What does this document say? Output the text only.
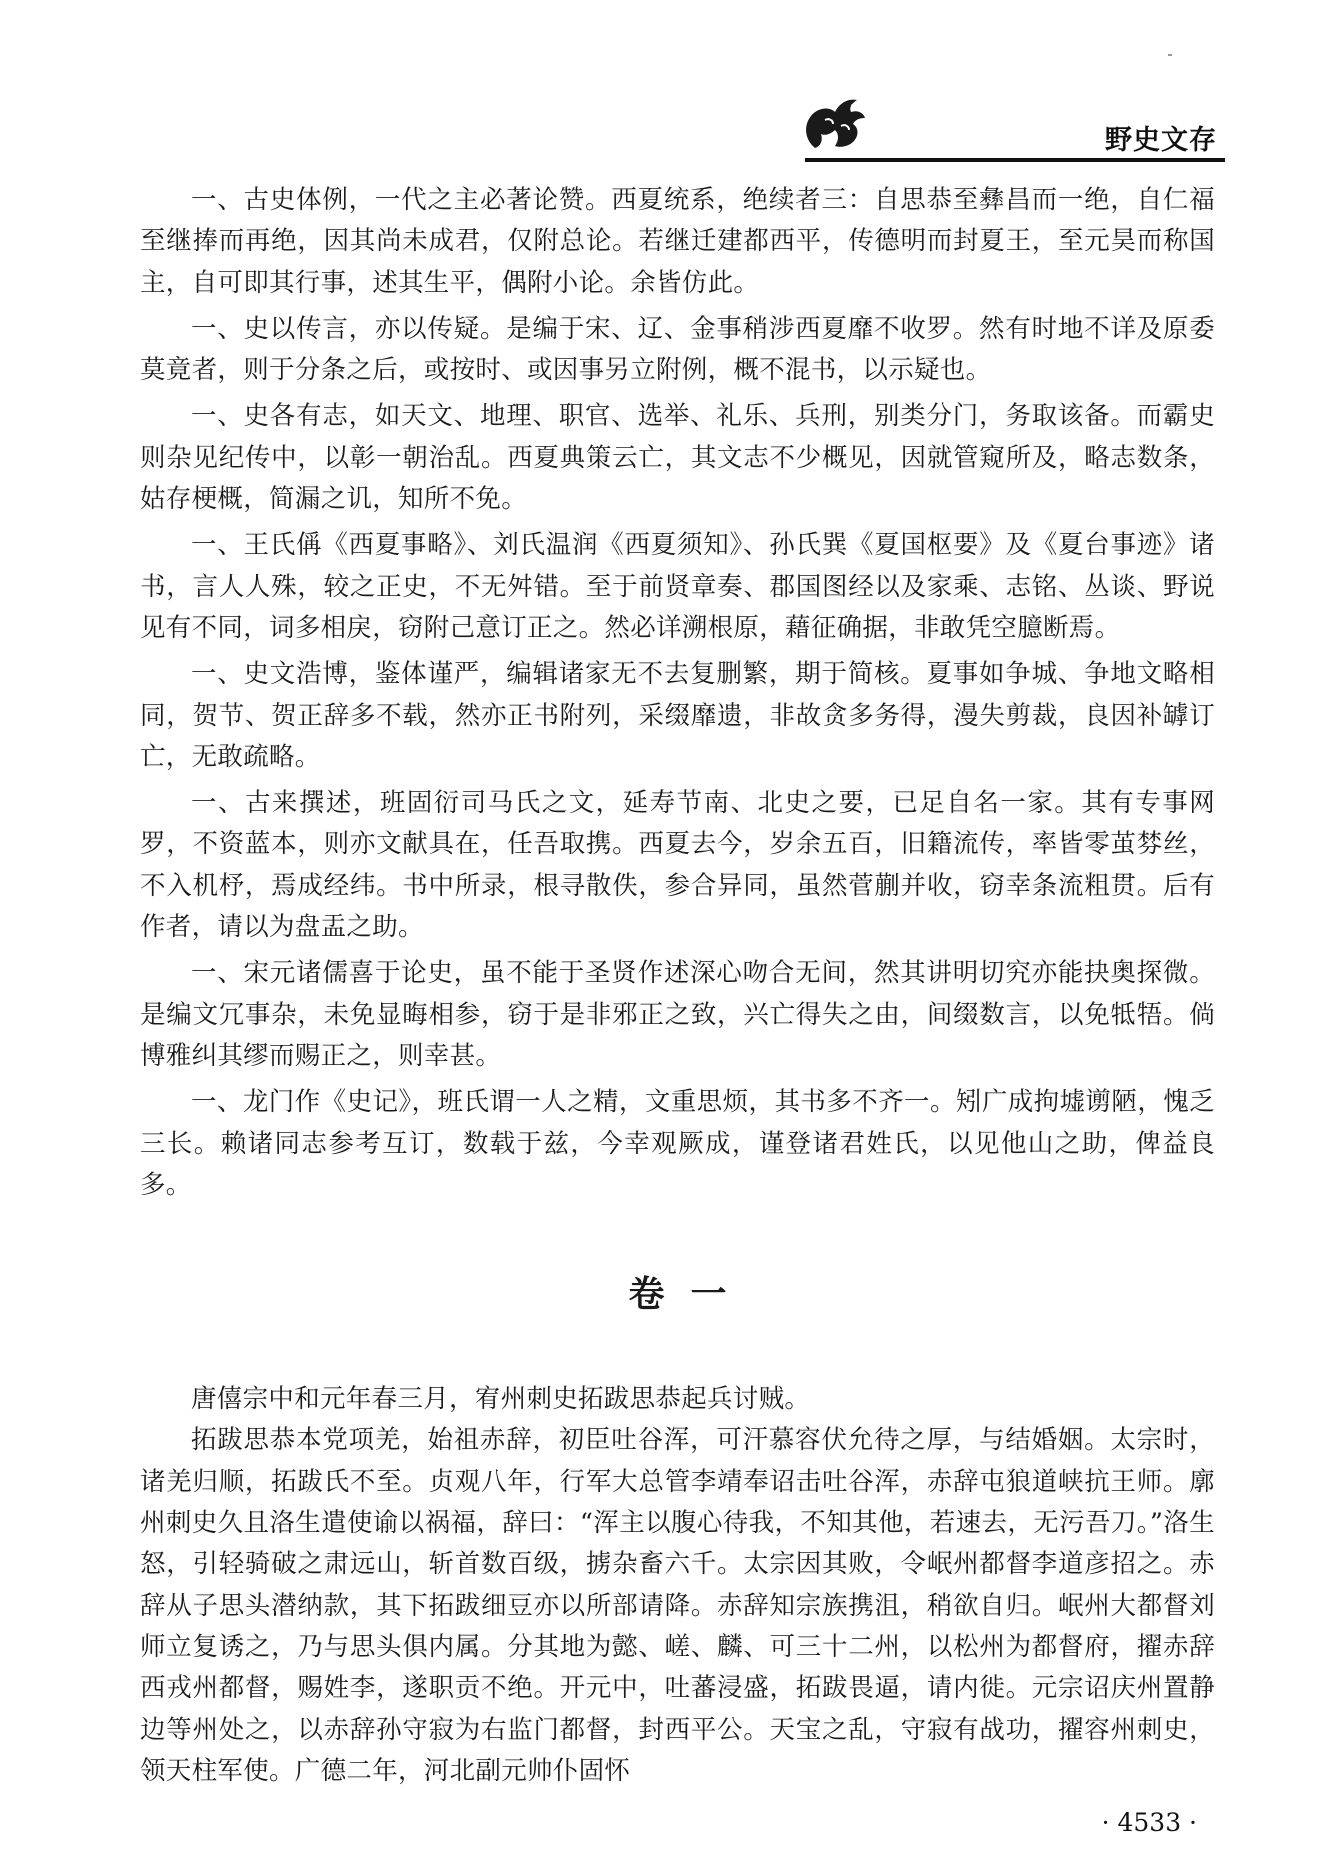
野史文存

一、古史体例，一代之主必著论赞。西夏统系，绝续者三：自思恭至彝昌而一绝，自仁福至继捧而再绝，因其尚未成君，仅附总论。若继迁建都西平，传德明而封夏王，至元昊而称国主，自可即其行事，述其生平，偶附小论。余皆仿此。

一、史以传言，亦以传疑。是编于宋、辽、金事稍涉西夏靡不收罗。然有时地不详及原委莫竟者，则于分条之后，或按时、或因事另立附例，概不混书，以示疑也。

一、史各有志，如天文、地理、职官、选举、礼乐、兵刑，别类分门，务取该备。而霸史则杂见纪传中，以彰一朝治乱。西夏典策云亡，其文志不少概见，因就管窥所及，略志数条，姑存梗概，简漏之讥，知所不免。

一、王氏偁《西夏事略》、刘氏温润《西夏须知》、孙氏巽《夏国枢要》及《夏台事迹》诸书，言人人殊，较之正史，不无舛错。至于前贤章奏、郡国图经以及家乘、志铭、丛谈、野说见有不同，词多相戾，窃附己意订正之。然必详溯根原，藉征确据，非敢凭空臆断焉。

一、史文浩博，鉴体谨严，编辑诸家无不去复删繁，期于简核。夏事如争城、争地文略相同，贺节、贺正辞多不载，然亦正书附列，采缀靡遗，非故贪多务得，漫失剪裁，良因补罅订亡，无敢疏略。

一、古来撰述，班固衍司马氏之文，延寿节南、北史之要，已足自名一家。其有专事网罗，不资蓝本，则亦文献具在，任吾取携。西夏去今，岁余五百，旧籍流传，率皆零茧棼丝，不入机杼，焉成经纬。书中所录，根寻散佚，参合异同，虽然菅蒯并收，窃幸条流粗贯。后有作者，请以为盘盂之助。

一、宋元诸儒喜于论史，虽不能于圣贤作述深心吻合无间，然其讲明切究亦能抉奥探微。是编文冗事杂，未免显晦相参，窃于是非邪正之致，兴亡得失之由，间缀数言，以免牴牾。倘博雅纠其缪而赐正之，则幸甚。

一、龙门作《史记》，班氏谓一人之精，文重思烦，其书多不齐一。矧广成拘墟谫陋，愧乏三长。赖诸同志参考互订，数载于兹，今幸观厥成，谨登诸君姓氏，以见他山之助，俾益良多。

卷一

唐僖宗中和元年春三月，宥州刺史拓跋思恭起兵讨贼。

拓跋思恭本党项羌，始祖赤辞，初臣吐谷浑，可汗慕容伏允待之厚，与结婚姻。太宗时，诸羌归顺，拓跋氏不至。贞观八年，行军大总管李靖奉诏击吐谷浑，赤辞屯狼道峡抗王师。廓州刺史久且洛生遣使谕以祸福，辞曰：“浑主以腹心待我，不知其他，若速去，无污吾刀。”洛生怒，引轻骑破之肃远山，斩首数百级，掳杂畜六千。太宗因其败，令岷州都督李道彦招之。赤辞从子思头潜纳款，其下拓跋细豆亦以所部请降。赤辞知宗族携沮，稍欲自归。岷州大都督刘师立复诱之，乃与思头俱内属。分其地为懿、嵯、麟、可三十二州，以松州为都督府，擢赤辞西戎州都督，赐姓李，遂职贡不绝。开元中，吐蕃浸盛，拓跋畏逼，请内徙。元宗诏庆州置静边等州处之，以赤辞孙守寂为右监门都督，封西平公。天宝之乱，守寂有战功，擢容州刺史，领天柱军使。广德二年，河北副元帅仆固怀

· 4533 ·
